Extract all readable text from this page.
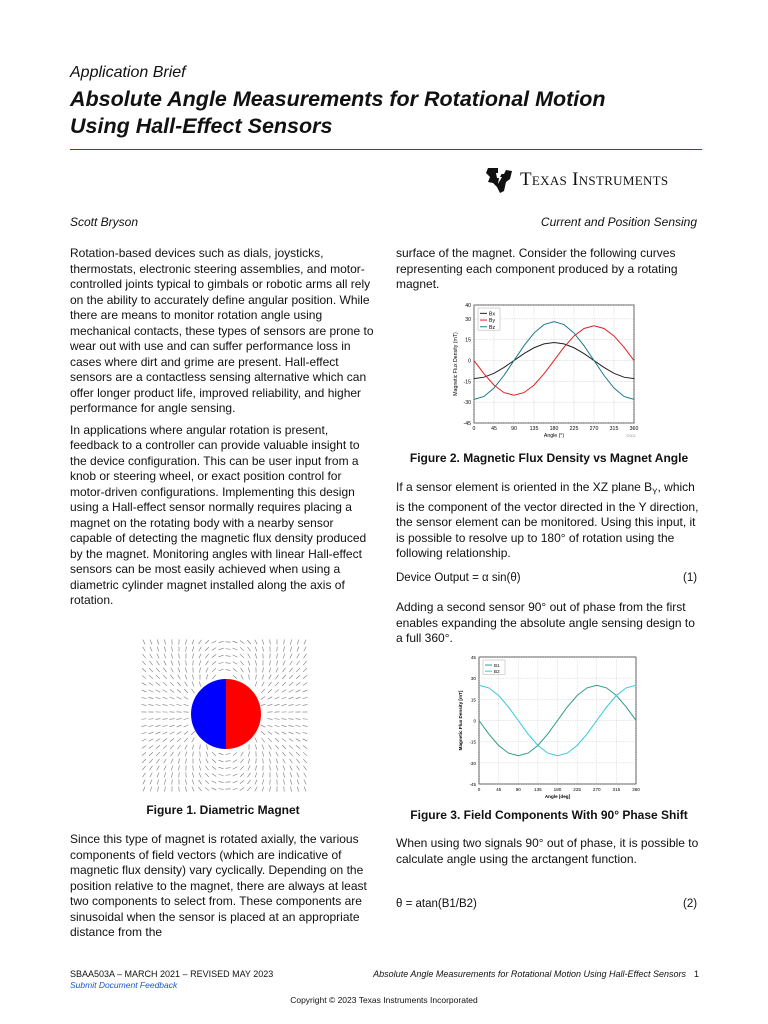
Application Brief
Absolute Angle Measurements for Rotational Motion
Using Hall-Effect Sensors
Texas Instruments
Scott Bryson	Current and Position Sensing

Rotation-based devices such as dials, joysticks, thermostats, electronic steering assemblies, and motor-controlled joints typical to gimbals or robotic arms all rely on the ability to accurately define angular position. While there are means to monitor rotation angle using mechanical contacts, these types of sensors are prone to wear out with use and can suffer performance loss in cases where dirt and grime are present. Hall-effect sensors are a contactless sensing alternative which can offer longer product life, improved reliability, and higher performance for angle sensing.

In applications where angular rotation is present, feedback to a controller can provide valuable insight to the device configuration. This can be user input from a knob or steering wheel, or exact position control for motor-driven configurations. Implementing this design using a Hall-effect sensor normally requires placing a magnet on the rotating body with a nearby sensor capable of detecting the magnetic flux density produced by the magnet. Monitoring angles with linear Hall-effect sensors can be most easily achieved when using a diametric cylinder magnet installed along the axis of rotation.

Figure 1. Diametric Magnet

Since this type of magnet is rotated axially, the various components of field vectors (which are indicative of magnetic flux density) vary cyclically. Depending on the position relative to the magnet, there are always at least two components to select from. These components are sinusoidal when the sensor is placed at an appropriate distance from the

surface of the magnet. Consider the following curves representing each component produced by a rotating magnet.

0	45	90 135 180 225 270 315 360
40
30
15
0
-15
-30
-45
Bx
By
Bz
Angle (°)
Magnetic Flux Density (mT)
D001
Figure 2. Magnetic Flux Density vs Magnet Angle

If a sensor element is oriented in the XZ plane $B_Y$, which is the component of the vector directed in the Y direction, the sensor element can be monitored. Using this input, it is possible to resolve up to 180° of rotation using the following relationship.

Device Output = α sin(θ)	(1)

Adding a second sensor 90° out of phase from the first enables expanding the absolute angle sensing design to a full 360°.

0	45	90	135	180	225	270	315	360
45
30
15
0
-15
-30
-45
B1
B2
Angle [deg]
Magnetic Flux Density [mT]
Figure 3. Field Components With 90° Phase Shift

When using two signals 90° out of phase, it is possible to calculate angle using the arctangent function.

θ = atan(B1/B2)	(2)
SBAA503A – MARCH 2021 – REVISED MAY 2023
Submit Document Feedback
Absolute Angle Measurements for Rotational Motion Using Hall-Effect Sensors 1
Copyright © 2023 Texas Instruments Incorporated
